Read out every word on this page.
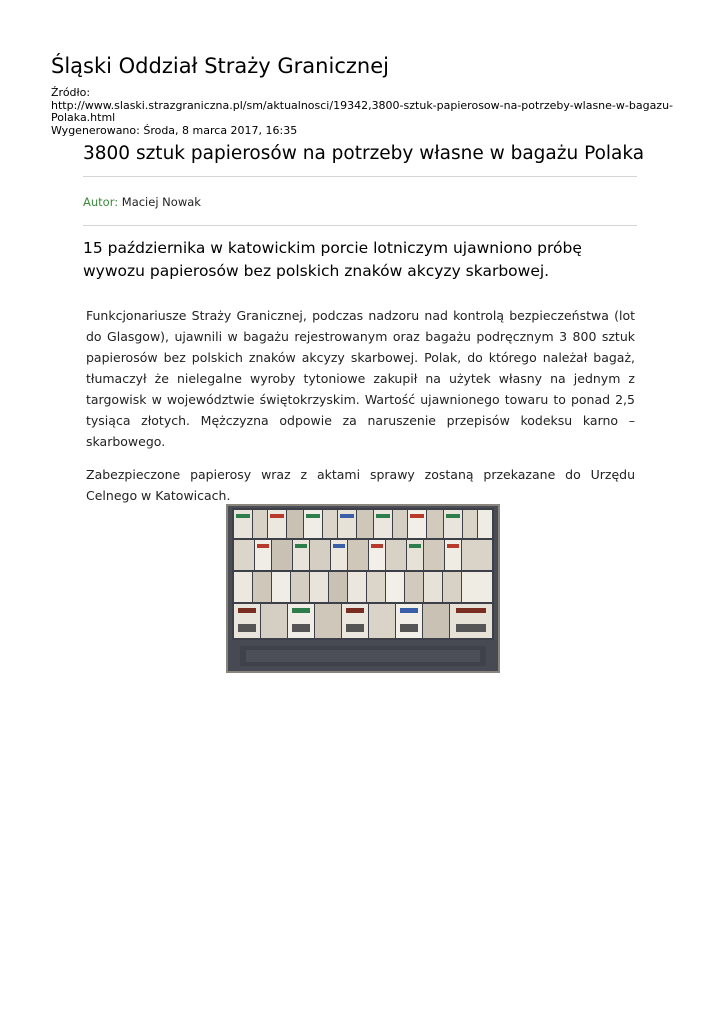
Śląski Oddział Straży Granicznej
Źródło:
http://www.slaski.strazgraniczna.pl/sm/aktualnosci/19342,3800-sztuk-papierosow-na-potrzeby-wlasne-w-bagazu-Polaka.html
Wygenerowano: Środa, 8 marca 2017, 16:35
3800 sztuk papierosów na potrzeby własne w bagażu Polaka
Autor: Maciej Nowak

15 października w katowickim porcie lotniczym ujawniono próbę wywozu papierosów bez polskich znaków akcyzy skarbowej.

Funkcjonariusze Straży Granicznej, podczas nadzoru nad kontrolą bezpieczeństwa (lot do Glasgow), ujawnili w bagażu rejestrowanym oraz bagażu podręcznym 3 800 sztuk papierosów bez polskich znaków akcyzy skarbowej. Polak, do którego należał bagaż, tłumaczył że nielegalne wyroby tytoniowe zakupił na użytek własny na jednym z targowisk w województwie świętokrzyskim. Wartość ujawnionego towaru to ponad 2,5 tysiąca złotych. Mężczyzna odpowie za naruszenie przepisów kodeksu karno – skarbowego.

Zabezpieczone papierosy wraz z aktami sprawy zostaną przekazane do Urzędu Celnego w Katowicach.
